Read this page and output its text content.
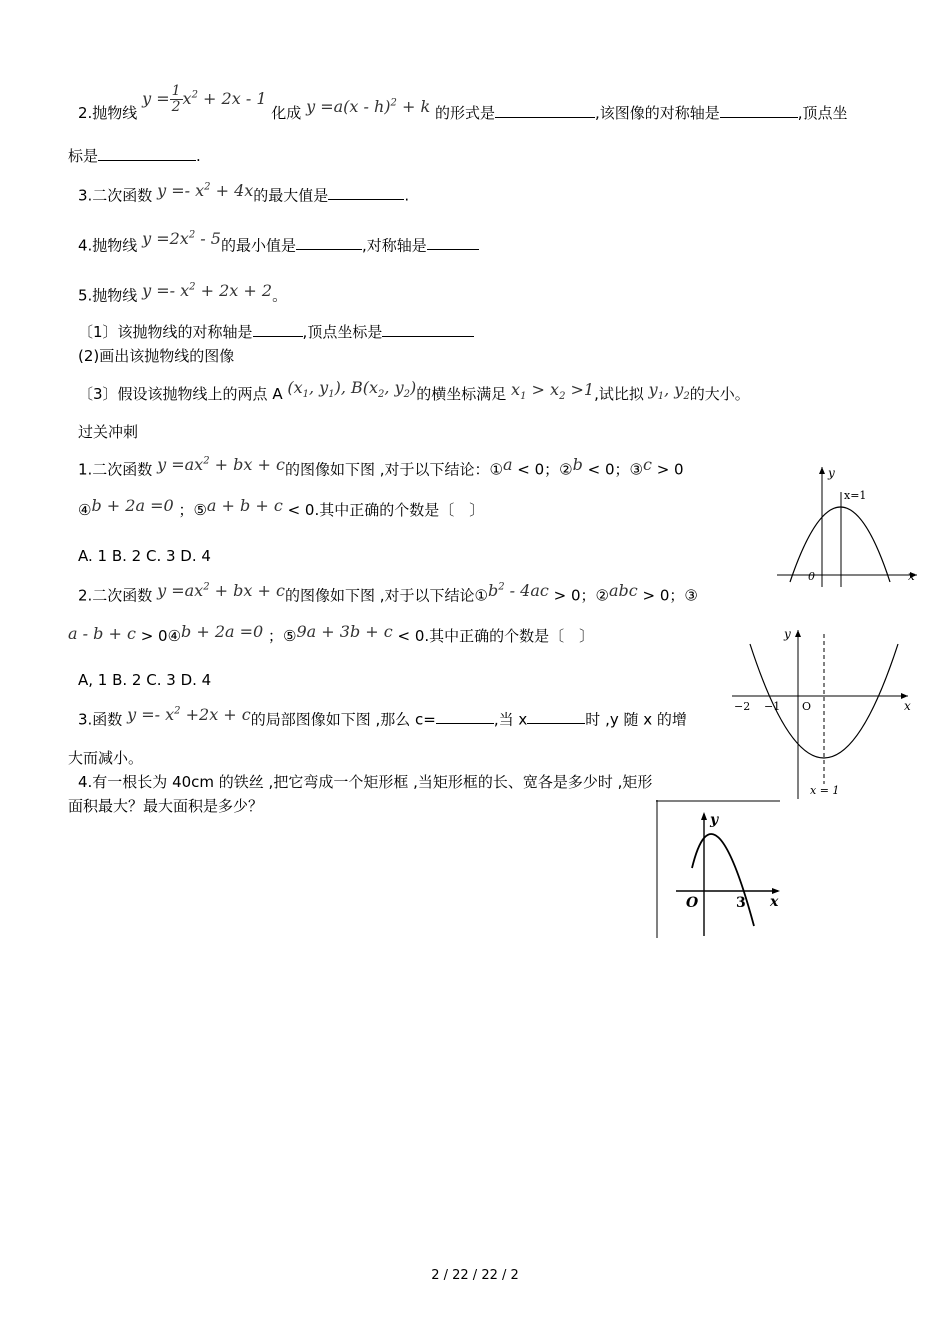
2.抛物线 $y = \frac{1}{2} x^2 + 2x - 1$ 化成 y =a(x - h)$^2$ + k 的形式是	,该图像的对称轴是	,顶点坐
标是	.
3.二次函数 $y =- x^2 + 4x$的最大值是	.
4.抛物线 $y =2x^2 - 5$的最小值是	,对称轴是
5.抛物线 $y =- x^2 + 2x + 2$。
〔1〕该抛物线的对称轴是	,顶点坐标是
(2)画出该抛物线的图像
〔3〕假设该抛物线上的两点 A ($x_1$, $y_1$), $B(x_2$, $y_2$)的横坐标满足 $x_1 > x_2 >1$,试比拟 $y_1$, $y_2$的大小。
过关冲刺
1.二次函数 $y =ax^2$ + bx + c的图像如下图 ,对于以下结论：①a < 0；②b < 0；③c > 0
④b + 2a =0 ；⑤a + b + c < 0.其中正确的个数是〔　〕
A. 1 B. 2 C. 3 D. 4
2.二次函数 $y =ax^2$ + bx + c的图像如下图 ,对于以下结论$①b^2 - 4ac > 0$；②abc > 0；③
a - b + c > 0④b + 2a =0 ；⑤9a + 3b + c < 0.其中正确的个数是〔　〕
A, 1 B. 2 C. 3 D. 4
3.函数 $y =- x^2 +2x + c$的局部图像如下图 ,那么 c=	,当 x	时 ,y 随 x 的增
大而减小。
4.有一根长为 40cm 的铁丝 ,把它弯成一个矩形框 ,当矩形框的长、宽各是多少时 ,矩形
面积最大？最大面积是多少？
y
x=1
0	x
y
−2 −1 O	x
x = 1
y
O	3 x
2 / 22 / 22 / 2
